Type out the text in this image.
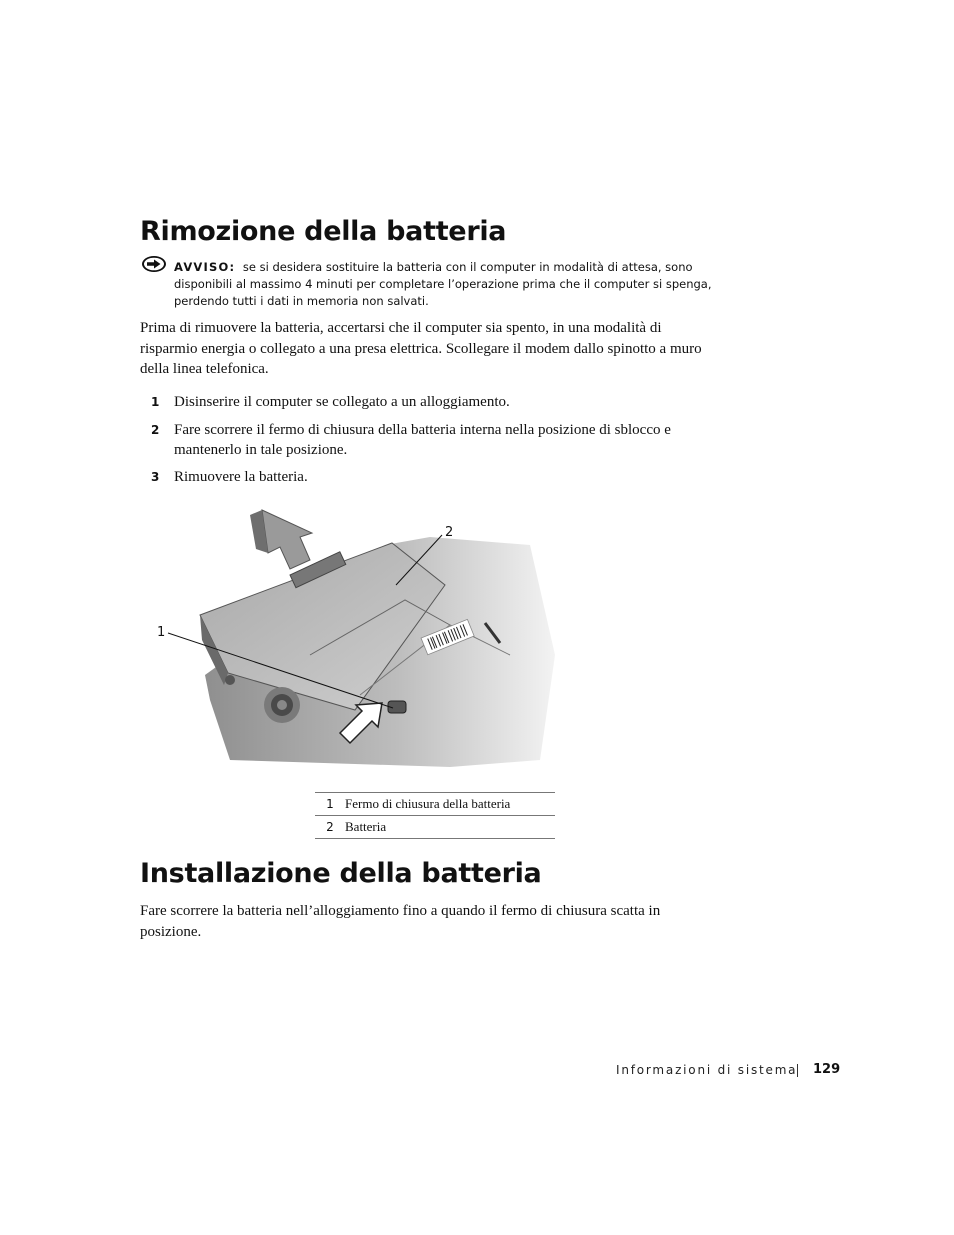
Rimozione della batteria
AVVISO: se si desidera sostituire la batteria con il computer in modalità di attesa, sono disponibili al massimo 4 minuti per completare l’operazione prima che il computer si spenga, perdendo tutti i dati in memoria non salvati.

Prima di rimuovere la batteria, accertarsi che il computer sia spento, in una modalità di risparmio energia o collegato a una presa elettrica. Scollegare il modem dallo spinotto a muro della linea telefonica.

1 Disinserire il computer se collegato a un alloggiamento.
2 Fare scorrere il fermo di chiusura della batteria interna nella posizione di sblocco e mantenerlo in tale posizione.
3 Rimuovere la batteria.
1
2
1	Fermo di chiusura della batteria
2	Batteria
Installazione della batteria

Fare scorrere la batteria nell’alloggiamento fino a quando il fermo di chiusura scatta in posizione.

Informazioni di sistema 129
